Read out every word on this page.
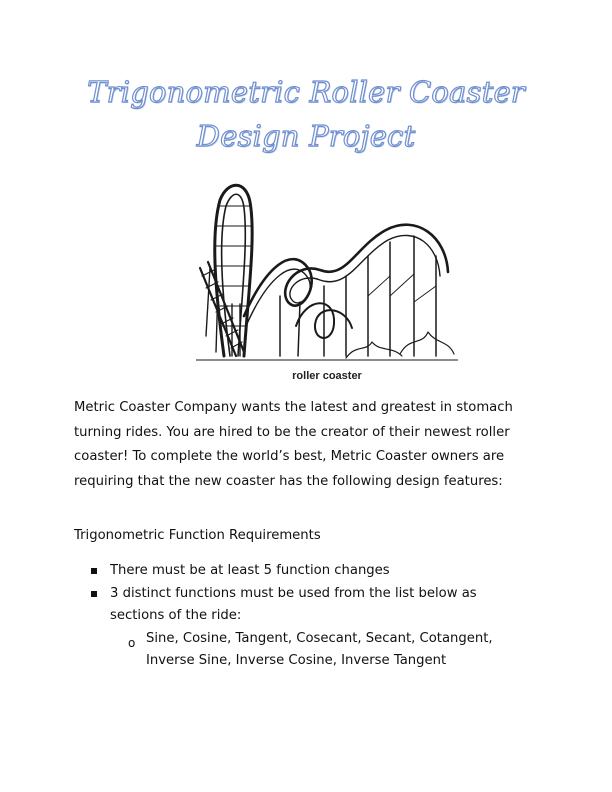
Trigonometric Roller Coaster
Design Project
roller coaster
Metric Coaster Company wants the latest and greatest in stomach
turning rides. You are hired to be the creator of their newest roller
coaster! To complete the world’s best, Metric Coaster owners are
requiring that the new coaster has the following design features:
Trigonometric Function Requirements
There must be at least 5 function changes
3 distinct functions must be used from the list below as
sections of the ride:
o Sine, Cosine, Tangent, Cosecant, Secant, Cotangent,
Inverse Sine, Inverse Cosine, Inverse Tangent
